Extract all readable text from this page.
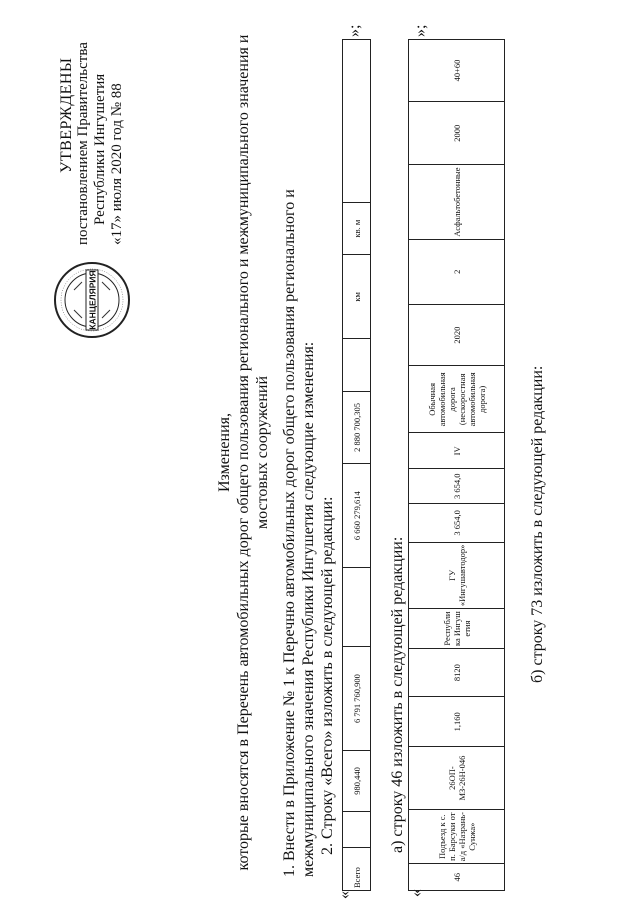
УТВЕРЖДЕНЫ постановлением Правительства Республики Ингушетия «17» июля 2020 год № 88
КАНЦЕЛЯРИЯ
Изменения, которые вносятся в Перечень автомобильных дорог общего пользования регионального и межмуниципального значения и мостовых сооружений 1. Внести в Приложение № 1 к Перечню автомобильных дорог общего пользования регионального и межмуниципального значения Республики Ингушетия следующие изменения: 2. Строку «Всего» изложить в следующей редакции:
«
Всего		980,440	6 791 760,900		6 660 279,614	2 880 700,305		км	кв. м	
»;
а) строку 46 изложить в следующей редакции:
«
46	Подъезд к с. п. Барсуки от а/д «Назрань-Сунжа»	26ОП-МЗ-26Н-046	1,160	8120	Республика Ингушетия	ГУ «Ингушавтодор»	3 654,0	3 654,0	IV	Обычная автомобильная дорога (нескоростная автомобильная дорога)	2020	2	Асфальтобетонные	2000	40+60
»;
б) строку 73 изложить в следующей редакции:
